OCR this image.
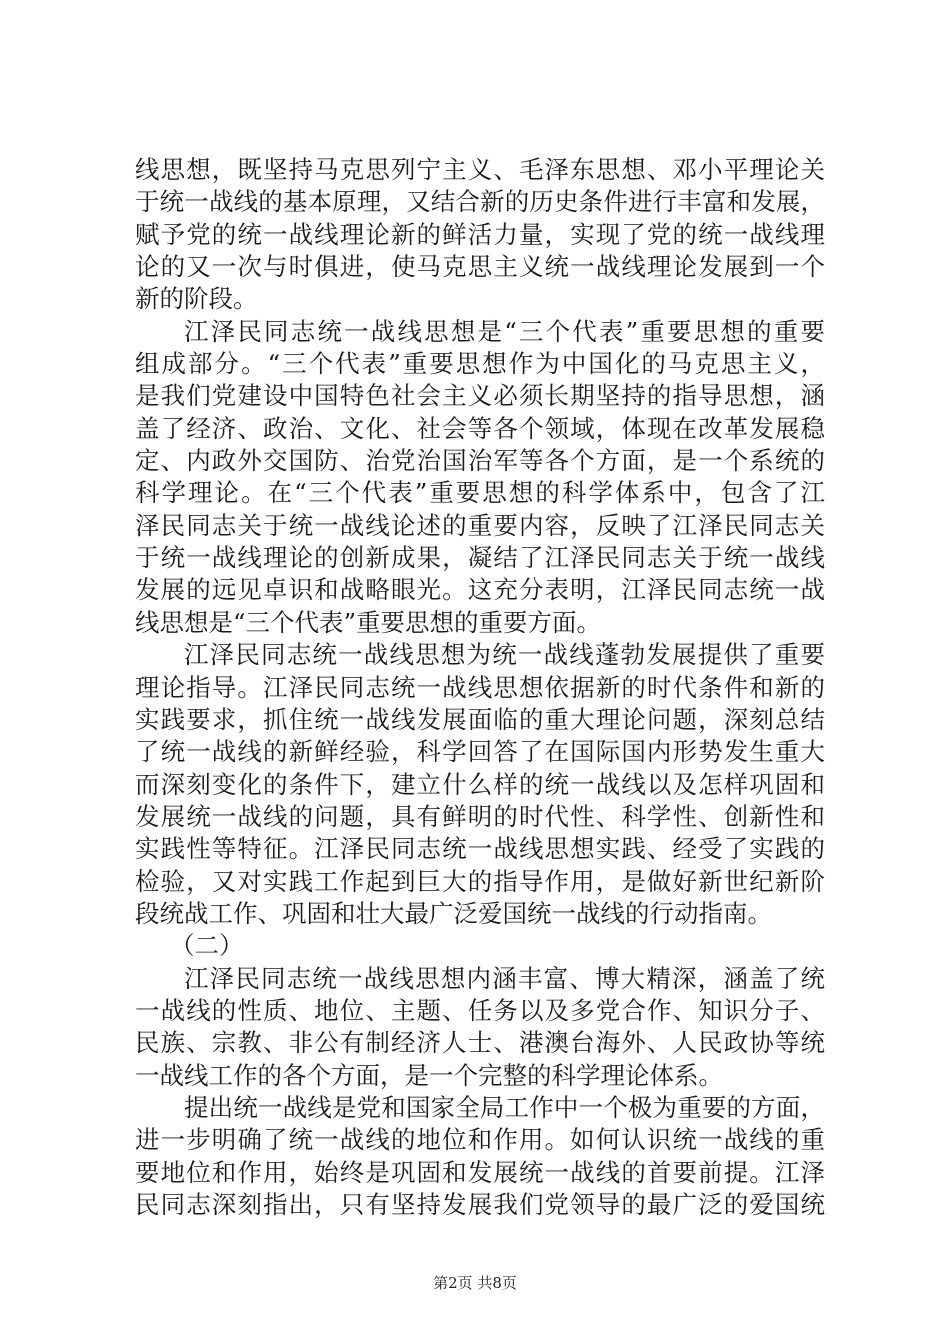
线思想，既坚持马克思列宁主义、毛泽东思想、邓小平理论关
于统一战线的基本原理，又结合新的历史条件进行丰富和发展，
赋予党的统一战线理论新的鲜活力量，实现了党的统一战线理
论的又一次与时俱进，使马克思主义统一战线理论发展到一个
新的阶段。
江泽民同志统一战线思想是“三个代表”重要思想的重要
组成部分。“三个代表”重要思想作为中国化的马克思主义，
是我们党建设中国特色社会主义必须长期坚持的指导思想，涵
盖了经济、政治、文化、社会等各个领域，体现在改革发展稳
定、内政外交国防、治党治国治军等各个方面，是一个系统的
科学理论。在“三个代表”重要思想的科学体系中，包含了江
泽民同志关于统一战线论述的重要内容，反映了江泽民同志关
于统一战线理论的创新成果，凝结了江泽民同志关于统一战线
发展的远见卓识和战略眼光。这充分表明，江泽民同志统一战
线思想是“三个代表”重要思想的重要方面。
江泽民同志统一战线思想为统一战线蓬勃发展提供了重要
理论指导。江泽民同志统一战线思想依据新的时代条件和新的
实践要求，抓住统一战线发展面临的重大理论问题，深刻总结
了统一战线的新鲜经验，科学回答了在国际国内形势发生重大
而深刻变化的条件下，建立什么样的统一战线以及怎样巩固和
发展统一战线的问题，具有鲜明的时代性、科学性、创新性和
实践性等特征。江泽民同志统一战线思想实践、经受了实践的
检验，又对实践工作起到巨大的指导作用，是做好新世纪新阶
段统战工作、巩固和壮大最广泛爱国统一战线的行动指南。
（二）
江泽民同志统一战线思想内涵丰富、博大精深，涵盖了统
一战线的性质、地位、主题、任务以及多党合作、知识分子、
民族、宗教、非公有制经济人士、港澳台海外、人民政协等统
一战线工作的各个方面，是一个完整的科学理论体系。
提出统一战线是党和国家全局工作中一个极为重要的方面，
进一步明确了统一战线的地位和作用。如何认识统一战线的重
要地位和作用，始终是巩固和发展统一战线的首要前提。江泽
民同志深刻指出，只有坚持发展我们党领导的最广泛的爱国统
第2页 共8页
